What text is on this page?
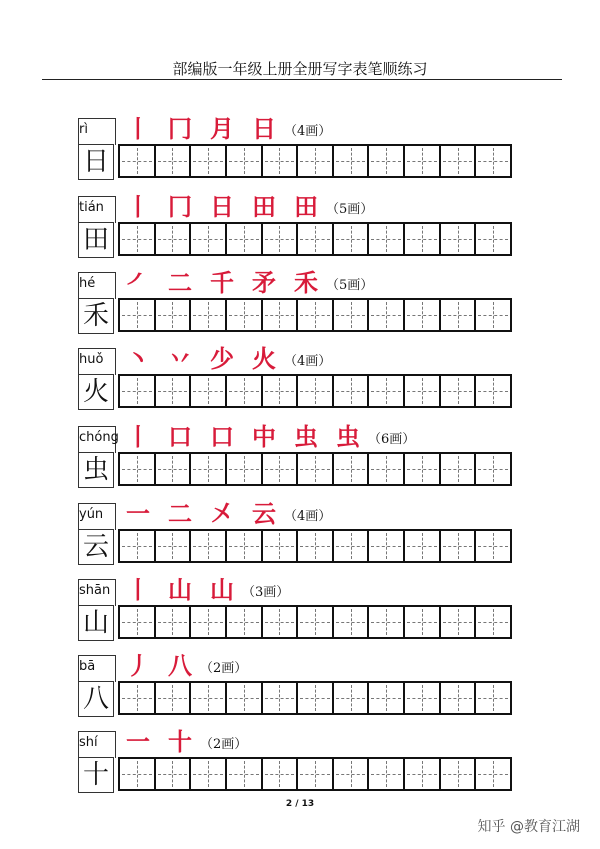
部编版一年级上册全册写字表笔顺练习
rì
日
丨 冂 月 日 （4画）
tián
田
丨 冂 日 田 田 （5画）
hé
禾
㇒ 二 千 矛 禾 （5画）
huǒ
火
丶 丷 少 火 （4画）
chóng
虫
丨 口 口 中 虫 虫 （6画）
yún
云
一 二 㐅 云 （4画）
shān
山
丨 山 山 （3画）
bā
八
丿 八 （2画）
shí
十
一 十 （2画）
2 / 13
知乎 @教育江湖
